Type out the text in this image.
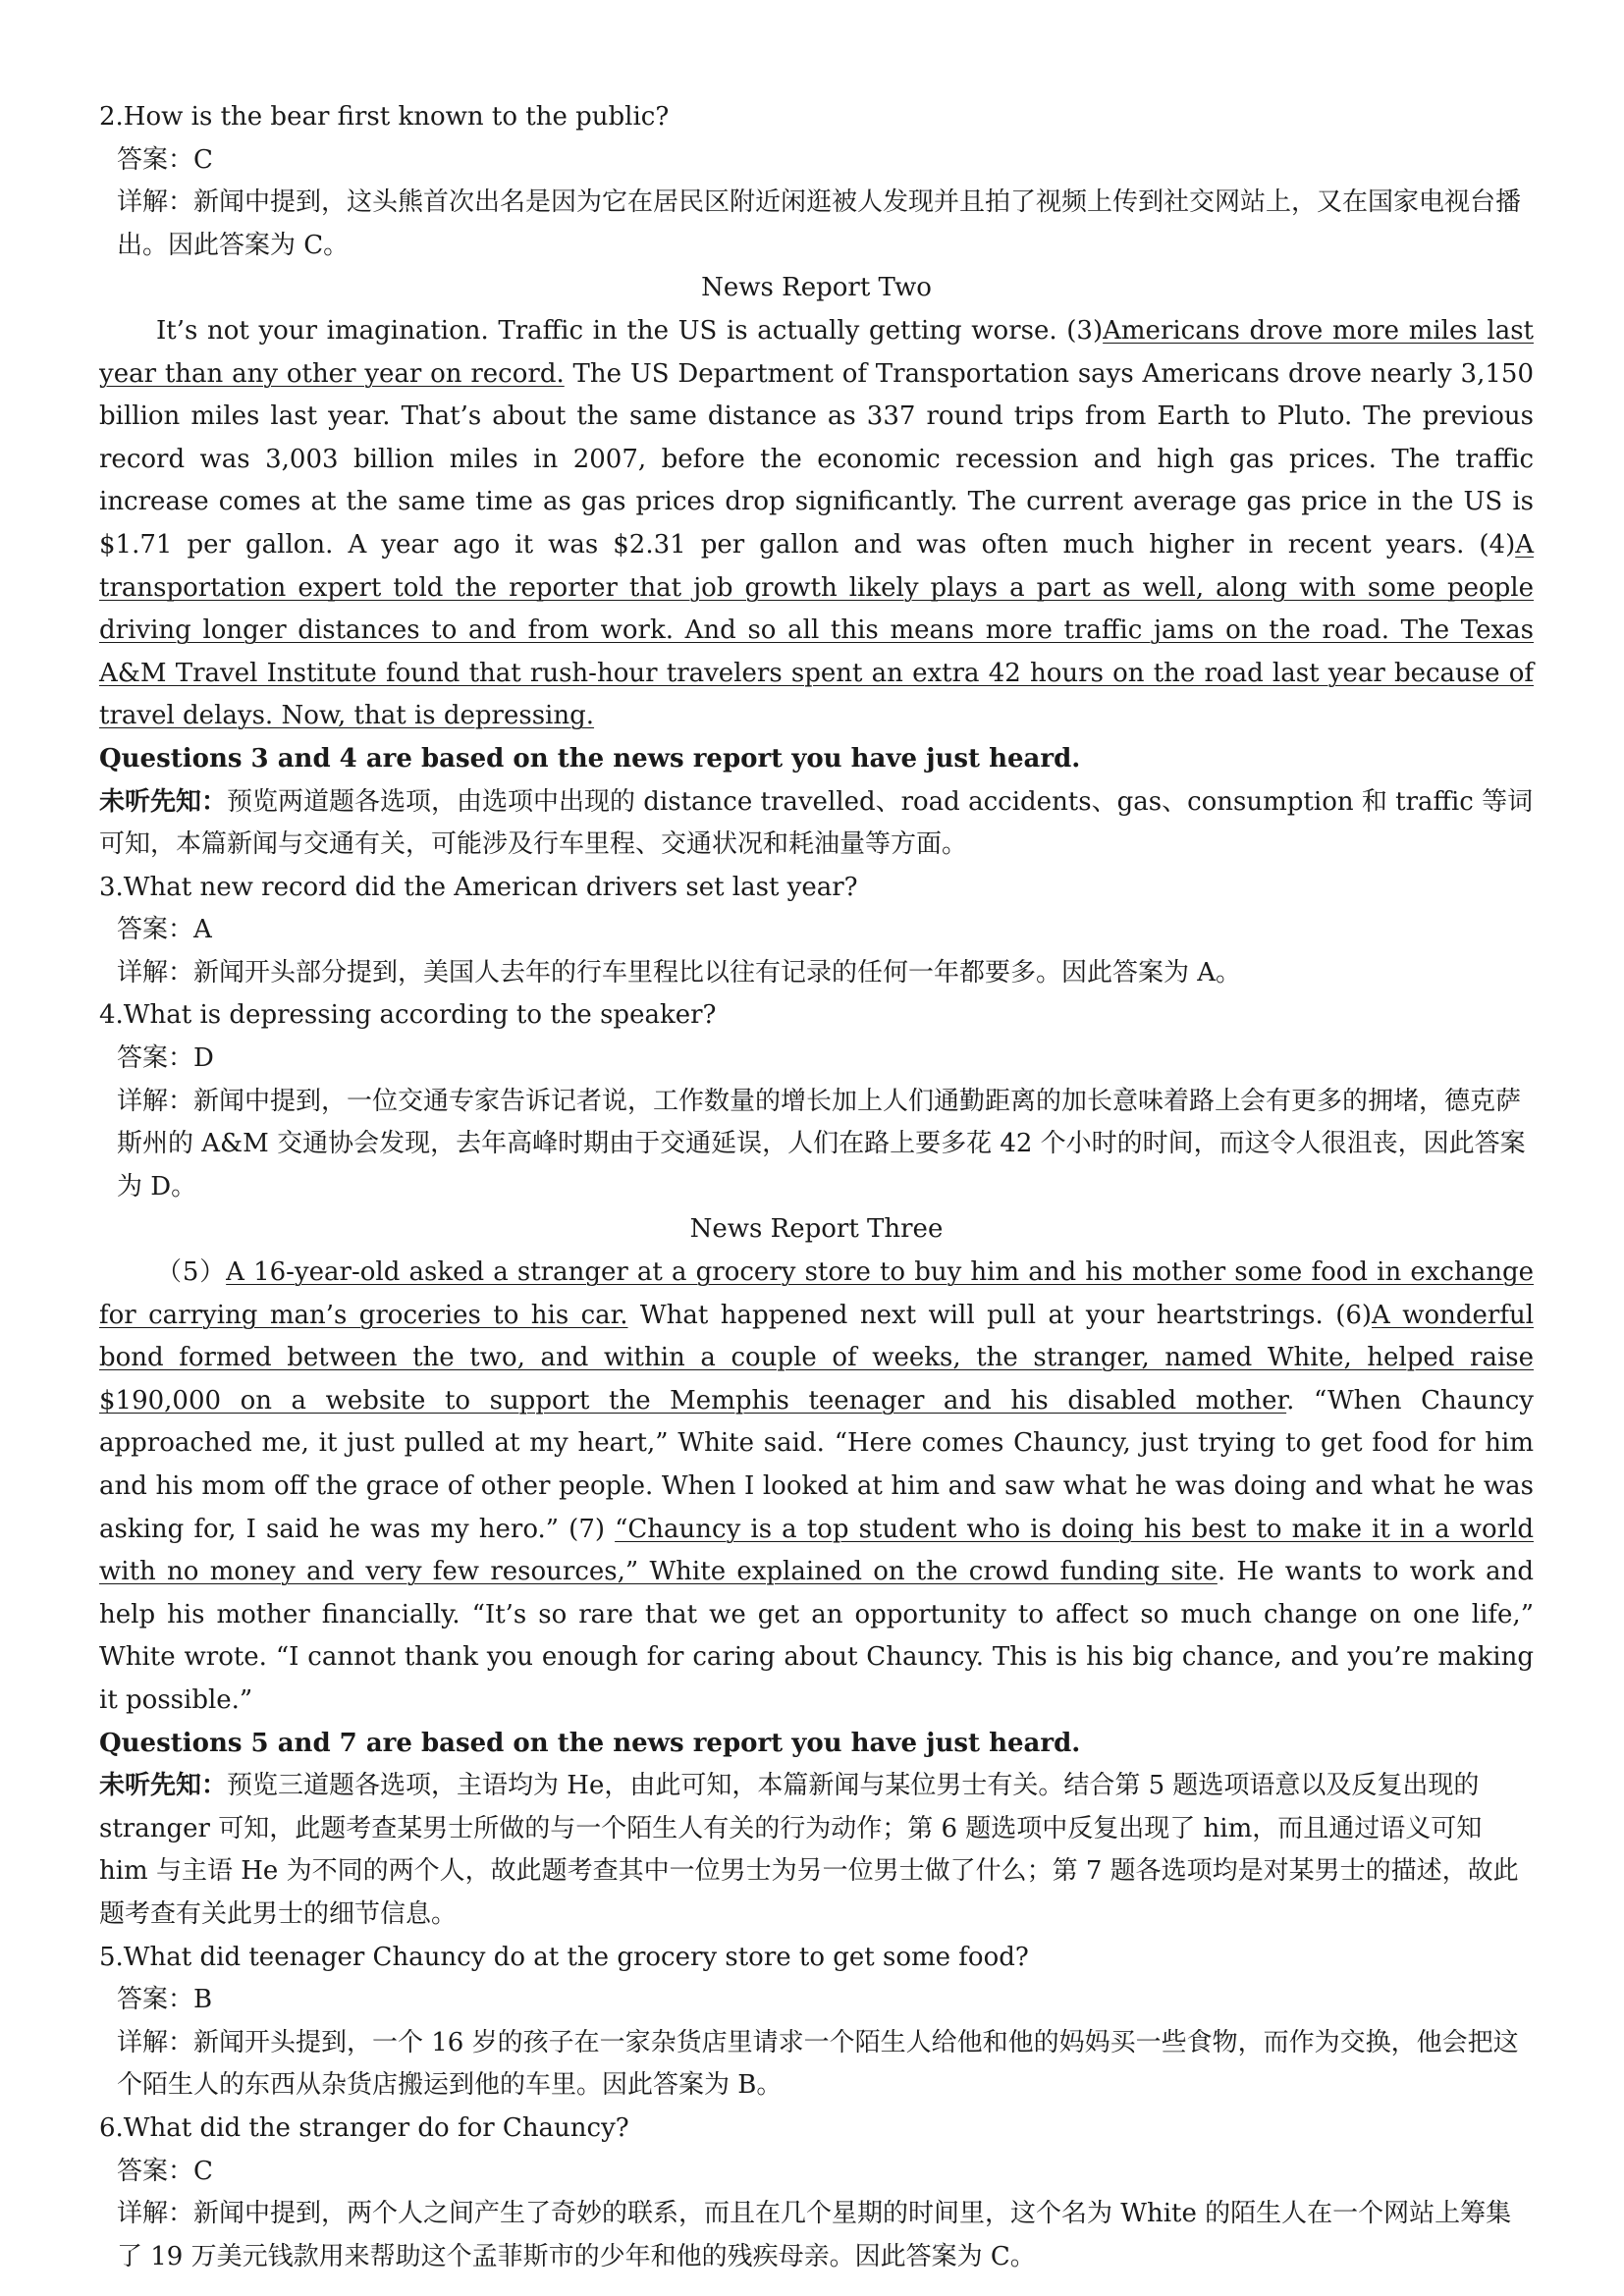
2.How is the bear first known to the public?

答案：C

详解：新闻中提到，这头熊首次出名是因为它在居民区附近闲逛被人发现并且拍了视频上传到社交网站上，又在国家电视台播出。因此答案为 C。

News Report Two

It’s not your imagination. Traffic in the US is actually getting worse. (3)Americans drove more miles last year than any other year on record. The US Department of Transportation says Americans drove nearly 3,150 billion miles last year. That’s about the same distance as 337 round trips from Earth to Pluto. The previous record was 3,003 billion miles in 2007, before the economic recession and high gas prices. The traffic increase comes at the same time as gas prices drop significantly. The current average gas price in the US is $1.71 per gallon. A year ago it was $2.31 per gallon and was often much higher in recent years. (4)A transportation expert told the reporter that job growth likely plays a part as well, along with some people driving longer distances to and from work. And so all this means more traffic jams on the road. The Texas A&M Travel Institute found that rush-hour travelers spent an extra 42 hours on the road last year because of travel delays. Now, that is depressing.

Questions 3 and 4 are based on the news report you have just heard.

未听先知：预览两道题各选项，由选项中出现的 distance travelled、road accidents、gas、consumption 和 traffic 等词可知，本篇新闻与交通有关，可能涉及行车里程、交通状况和耗油量等方面。

3.What new record did the American drivers set last year?

答案：A

详解：新闻开头部分提到，美国人去年的行车里程比以往有记录的任何一年都要多。因此答案为 A。

4.What is depressing according to the speaker?

答案：D

详解：新闻中提到，一位交通专家告诉记者说，工作数量的增长加上人们通勤距离的加长意味着路上会有更多的拥堵，德克萨斯州的 A&M 交通协会发现，去年高峰时期由于交通延误，人们在路上要多花 42 个小时的时间，而这令人很沮丧，因此答案为 D。

News Report Three

（5）A 16-year-old asked a stranger at a grocery store to buy him and his mother some food in exchange for carrying man’s groceries to his car. What happened next will pull at your heartstrings. (6)A wonderful bond formed between the two, and within a couple of weeks, the stranger, named White, helped raise $190,000 on a website to support the Memphis teenager and his disabled mother. “When Chauncy approached me, it just pulled at my heart,” White said. “Here comes Chauncy, just trying to get food for him and his mom off the grace of other people. When I looked at him and saw what he was doing and what he was asking for, I said he was my hero.” (7) “Chauncy is a top student who is doing his best to make it in a world with no money and very few resources,” White explained on the crowd funding site. He wants to work and help his mother financially. “It’s so rare that we get an opportunity to affect so much change on one life,” White wrote. “I cannot thank you enough for caring about Chauncy. This is his big chance, and you’re making it possible.”

Questions 5 and 7 are based on the news report you have just heard.

未听先知：预览三道题各选项，主语均为 He，由此可知，本篇新闻与某位男士有关。结合第 5 题选项语意以及反复出现的 stranger 可知，此题考查某男士所做的与一个陌生人有关的行为动作；第 6 题选项中反复出现了 him，而且通过语义可知 him 与主语 He 为不同的两个人，故此题考查其中一位男士为另一位男士做了什么；第 7 题各选项均是对某男士的描述，故此题考查有关此男士的细节信息。

5.What did teenager Chauncy do at the grocery store to get some food?

答案：B

详解：新闻开头提到，一个 16 岁的孩子在一家杂货店里请求一个陌生人给他和他的妈妈买一些食物，而作为交换，他会把这个陌生人的东西从杂货店搬运到他的车里。因此答案为 B。

6.What did the stranger do for Chauncy?

答案：C

详解：新闻中提到，两个人之间产生了奇妙的联系，而且在几个星期的时间里，这个名为 White 的陌生人在一个网站上筹集了 19 万美元钱款用来帮助这个孟菲斯市的少年和他的残疾母亲。因此答案为 C。
